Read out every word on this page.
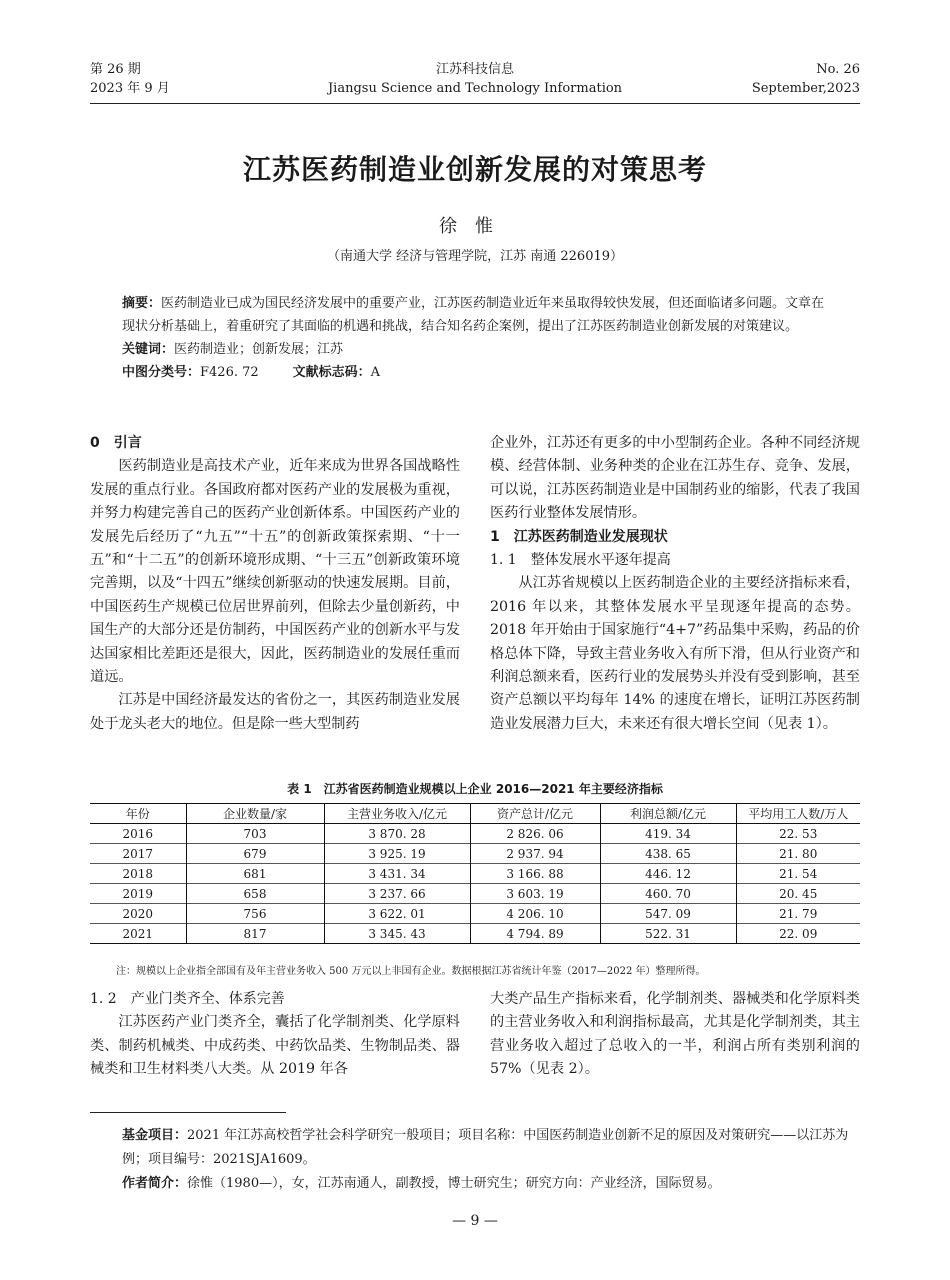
第 26 期
2023 年 9 月
江苏科技信息
Jiangsu Science and Technology Information
No. 26
September,2023
江苏医药制造业创新发展的对策思考
徐惟
（南通大学 经济与管理学院，江苏 南通 226019）

摘要：医药制造业已成为国民经济发展中的重要产业，江苏医药制造业近年来虽取得较快发展，但还面临诸多问题。文章在现状分析基础上，着重研究了其面临的机遇和挑战，结合知名药企案例，提出了江苏医药制造业创新发展的对策建议。

关键词：医药制造业；创新发展；江苏

中图分类号：F426. 72	文献标志码：A

0　引言

医药制造业是高技术产业，近年来成为世界各国战略性发展的重点行业。各国政府都对医药产业的发展极为重视，并努力构建完善自己的医药产业创新体系。中国医药产业的发展先后经历了“九五”“十五”的创新政策探索期、“十一五”和“十二五”的创新环境形成期、“十三五”创新政策环境完善期，以及“十四五”继续创新驱动的快速发展期。目前，中国医药生产规模已位居世界前列，但除去少量创新药，中国生产的大部分还是仿制药，中国医药产业的创新水平与发达国家相比差距还是很大，因此，医药制造业的发展任重而道远。

江苏是中国经济最发达的省份之一，其医药制造业发展处于龙头老大的地位。但是除一些大型制药

企业外，江苏还有更多的中小型制药企业。各种不同经济规模、经营体制、业务种类的企业在江苏生存、竞争、发展，可以说，江苏医药制造业是中国制药业的缩影，代表了我国医药行业整体发展情形。

1　江苏医药制造业发展现状

1. 1　整体发展水平逐年提高

从江苏省规模以上医药制造企业的主要经济指标来看，2016 年以来，其整体发展水平呈现逐年提高的态势。2018 年开始由于国家施行“4+7”药品集中采购，药品的价格总体下降，导致主营业务收入有所下滑，但从行业资产和利润总额来看，医药行业的发展势头并没有受到影响，甚至资产总额以平均每年 14% 的速度在增长，证明江苏医药制造业发展潜力巨大，未来还有很大增长空间（见表 1）。

表 1　江苏省医药制造业规模以上企业 2016—2021 年主要经济指标
年份	企业数量/家	主营业务收入/亿元	资产总计/亿元	利润总额/亿元	平均用工人数/万人
2016	703	3 870. 28	2 826. 06	419. 34	22. 53
2017	679	3 925. 19	2 937. 94	438. 65	21. 80
2018	681	3 431. 34	3 166. 88	446. 12	21. 54
2019	658	3 237. 66	3 603. 19	460. 70	20. 45
2020	756	3 622. 01	4 206. 10	547. 09	21. 79
2021	817	3 345. 43	4 794. 89	522. 31	22. 09
注：规模以上企业指全部国有及年主营业务收入 500 万元以上非国有企业。数据根据江苏省统计年鉴（2017—2022 年）整理所得。

1. 2　产业门类齐全、体系完善

江苏医药产业门类齐全，囊括了化学制剂类、化学原料类、制药机械类、中成药类、中药饮品类、生物制品类、器械类和卫生材料类八大类。从 2019 年各

大类产品生产指标来看，化学制剂类、器械类和化学原料类的主营业务收入和利润指标最高，尤其是化学制剂类，其主营业务收入超过了总收入的一半，利润占所有类别利润的 57%（见表 2）。

基金项目：2021 年江苏高校哲学社会科学研究一般项目；项目名称：中国医药制造业创新不足的原因及对策研究——以江苏为例；项目编号：2021SJA1609。

作者简介：徐惟（1980—），女，江苏南通人，副教授，博士研究生；研究方向：产业经济，国际贸易。

— 9 —
